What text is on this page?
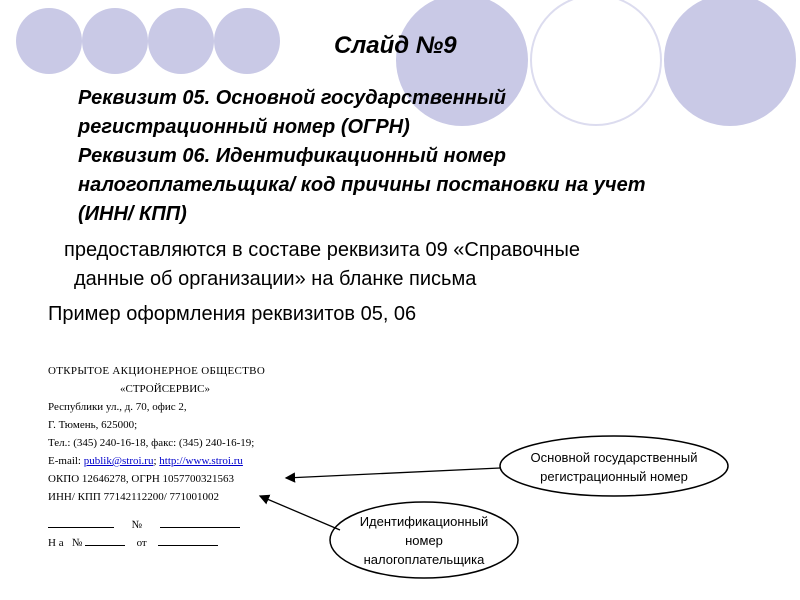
Слайд №9
Реквизит 05. Основной государственный
регистрационный номер (ОГРН)
Реквизит 06. Идентификационный номер
налогоплательщика/ код причины постановки на учет
(ИНН/ КПП)
предоставляются в составе реквизита 09 «Справочные
данные об организации» на бланке письма
Пример оформления реквизитов 05, 06
ОТКРЫТОЕ АКЦИОНЕРНОЕ ОБЩЕСТВО
«СТРОЙСЕРВИС»
Республики ул., д. 70, офис 2,
Г. Тюмень, 625000;
Тел.: (345) 240-16-18, факс: (345) 240-16-19;
E-mail: publik@stroi.ru; http://www.stroi.ru
ОКПО 12646278, ОГРН 1057700321563
ИНН/ КПП 77142112200/ 771001002
№
Н а   №	от
Основной государственный
регистрационный номер
Идентификационный
номер
налогоплательщика
